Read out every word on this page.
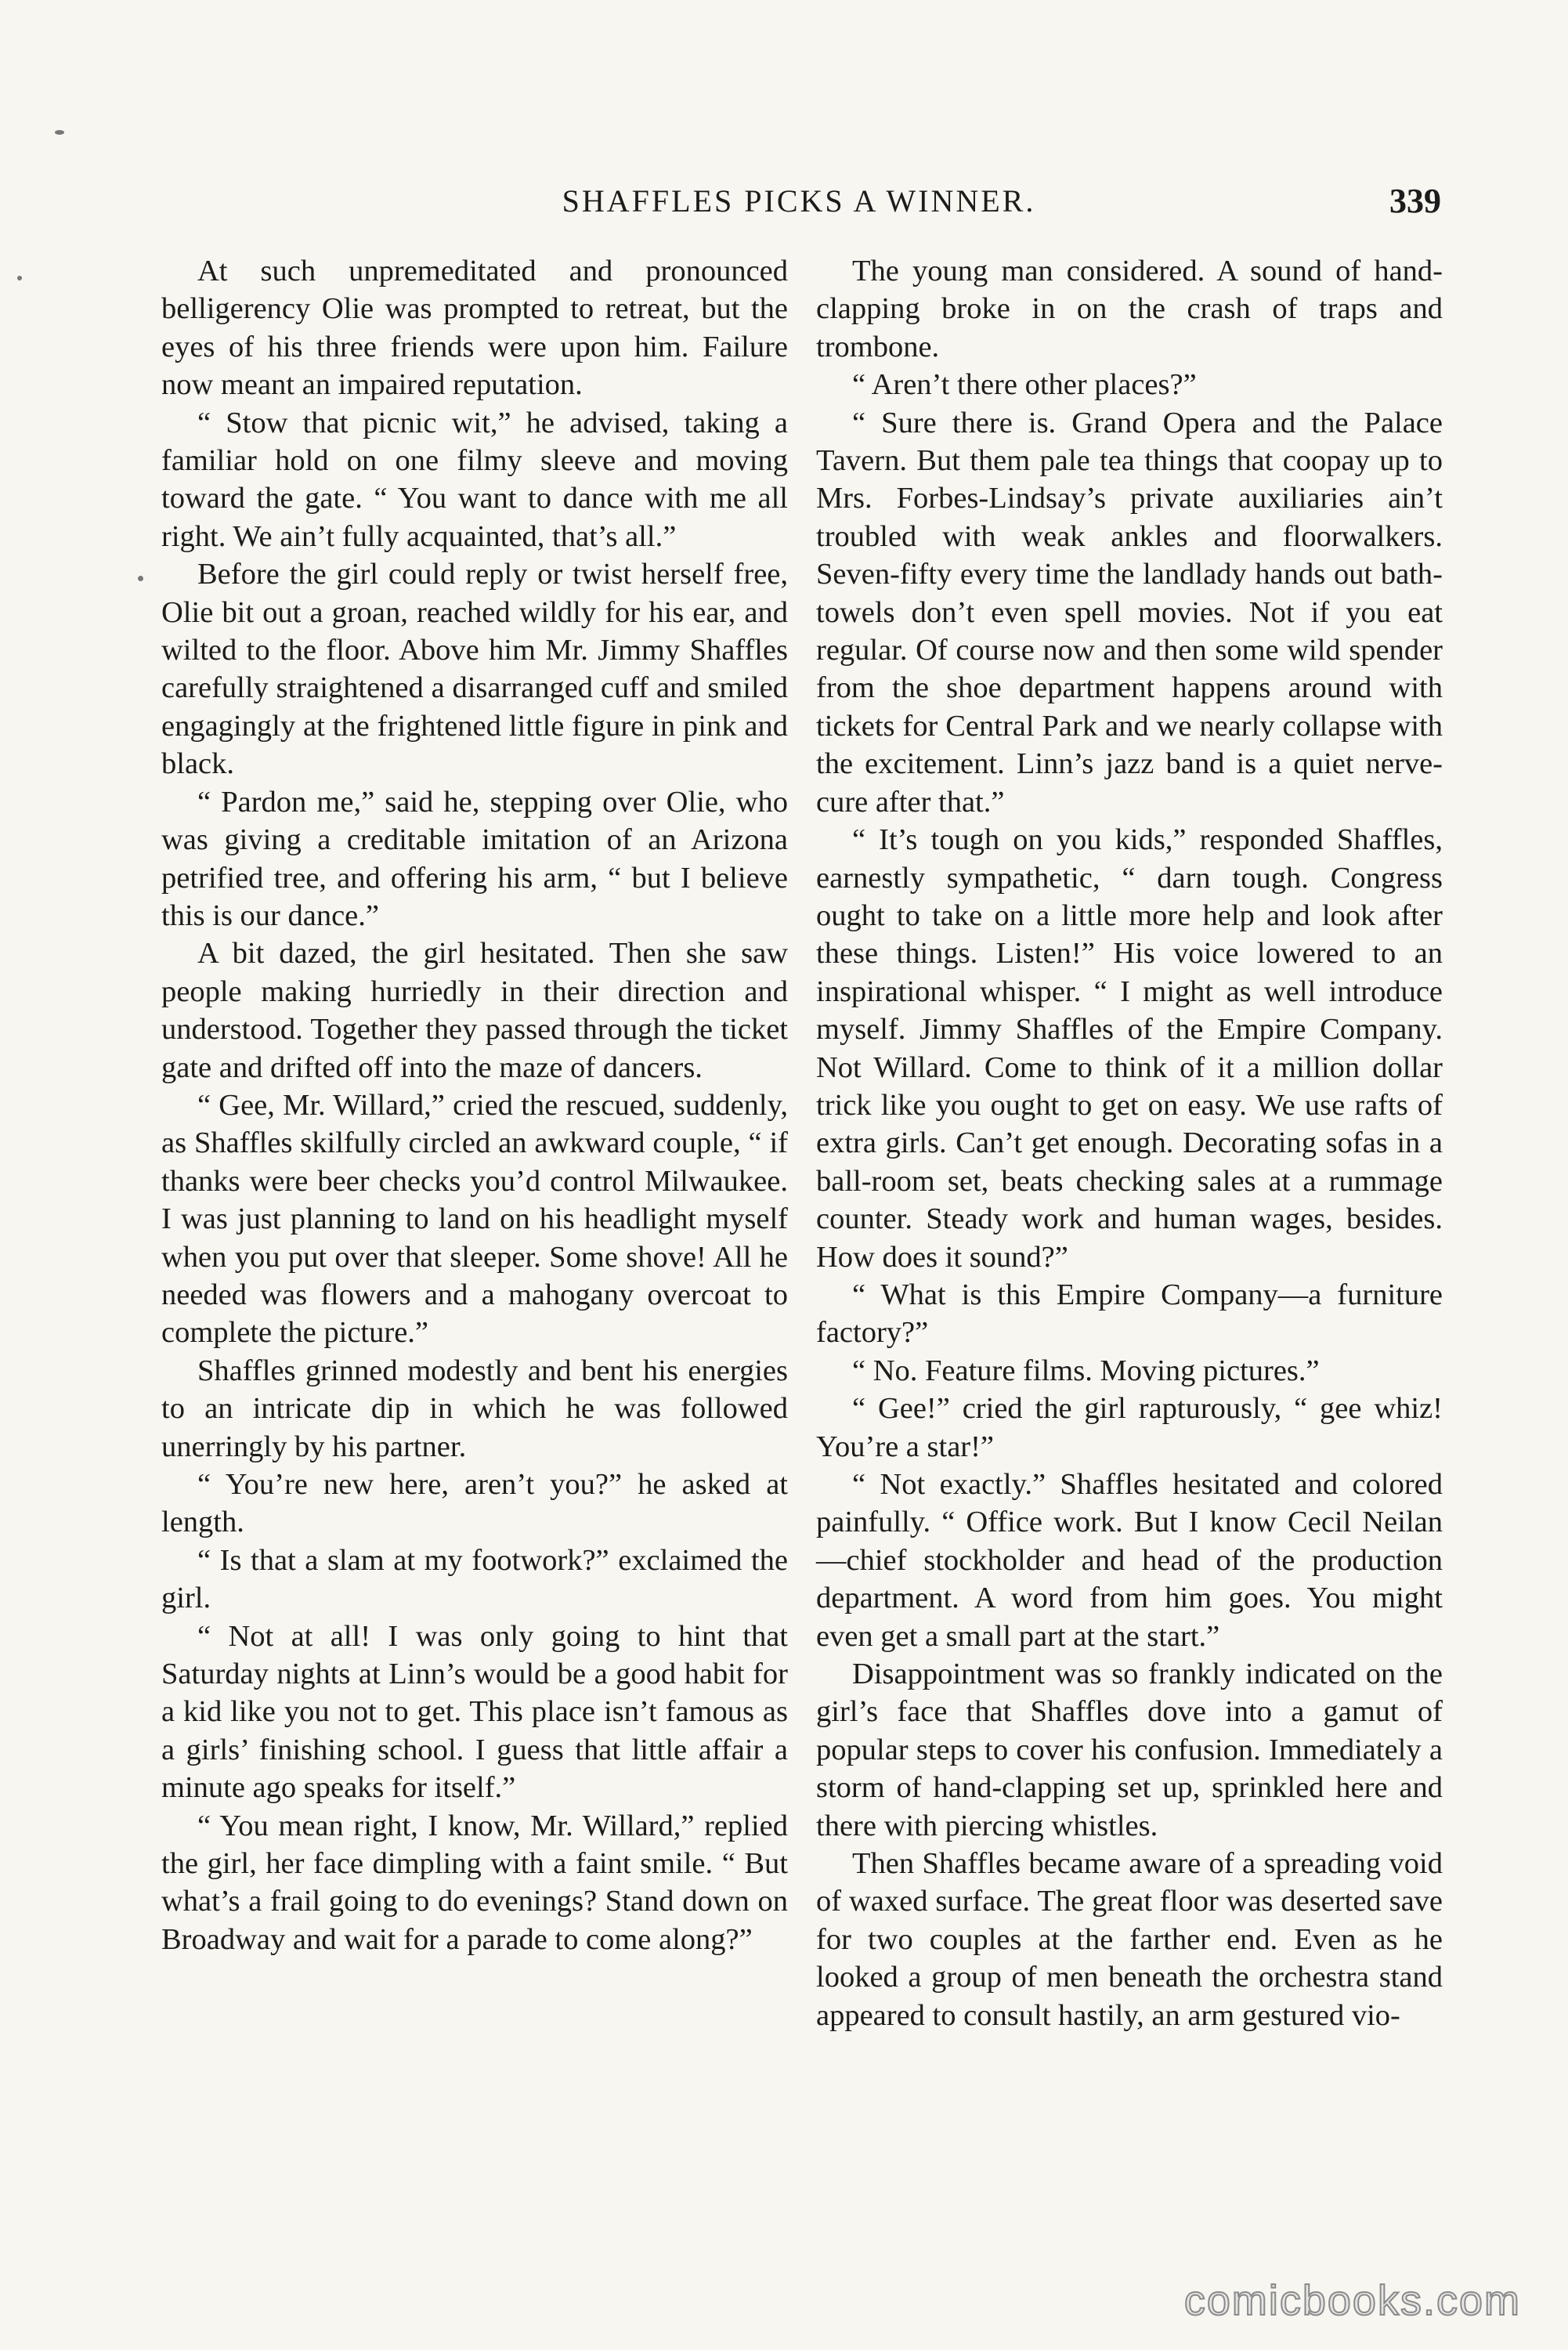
SHAFFLES PICKS A WINNER.	339

At such unpremeditated and pronounced belligerency Olie was prompted to retreat, but the eyes of his three friends were upon him. Failure now meant an impaired reputation.

“ Stow that picnic wit,” he advised, taking a familiar hold on one filmy sleeve and moving toward the gate. “ You want to dance with me all right. We ain’t fully acquainted, that’s all.”

Before the girl could reply or twist herself free, Olie bit out a groan, reached wildly for his ear, and wilted to the floor. Above him Mr. Jimmy Shaffles carefully straightened a disarranged cuff and smiled engagingly at the frightened little figure in pink and black.

“ Pardon me,” said he, stepping over Olie, who was giving a creditable imitation of an Arizona petrified tree, and offering his arm, “ but I believe this is our dance.”

A bit dazed, the girl hesitated. Then she saw people making hurriedly in their direction and understood. Together they passed through the ticket gate and drifted off into the maze of dancers.

“ Gee, Mr. Willard,” cried the rescued, suddenly, as Shaffles skilfully circled an awkward couple, “ if thanks were beer checks you’d control Milwaukee. I was just planning to land on his headlight myself when you put over that sleeper. Some shove! All he needed was flowers and a mahogany overcoat to complete the picture.”

Shaffles grinned modestly and bent his energies to an intricate dip in which he was followed unerringly by his partner.

“ You’re new here, aren’t you?” he asked at length.

“ Is that a slam at my footwork?” exclaimed the girl.

“ Not at all! I was only going to hint that Saturday nights at Linn’s would be a good habit for a kid like you not to get. This place isn’t famous as a girls’ finishing school. I guess that little affair a minute ago speaks for itself.”

“ You mean right, I know, Mr. Willard,” replied the girl, her face dimpling with a faint smile. “ But what’s a frail going to do evenings? Stand down on Broadway and wait for a parade to come along?”

The young man considered. A sound of hand-clapping broke in on the crash of traps and trombone.

“ Aren’t there other places?”

“ Sure there is. Grand Opera and the Palace Tavern. But them pale tea things that coopay up to Mrs. Forbes-Lindsay’s private auxiliaries ain’t troubled with weak ankles and floorwalkers. Seven-fifty every time the landlady hands out bath-towels don’t even spell movies. Not if you eat regular. Of course now and then some wild spender from the shoe department happens around with tickets for Central Park and we nearly collapse with the excitement. Linn’s jazz band is a quiet nerve-cure after that.”

“ It’s tough on you kids,” responded Shaffles, earnestly sympathetic, “ darn tough. Congress ought to take on a little more help and look after these things. Listen!” His voice lowered to an inspirational whisper. “ I might as well introduce myself. Jimmy Shaffles of the Empire Company. Not Willard. Come to think of it a million dollar trick like you ought to get on easy. We use rafts of extra girls. Can’t get enough. Decorating sofas in a ball-room set, beats checking sales at a rummage counter. Steady work and human wages, besides. How does it sound?”

“ What is this Empire Company—a furniture factory?”

“ No. Feature films. Moving pictures.”

“ Gee!” cried the girl rapturously, “ gee whiz! You’re a star!”

“ Not exactly.” Shaffles hesitated and colored painfully. “ Office work. But I know Cecil Neilan—chief stockholder and head of the production department. A word from him goes. You might even get a small part at the start.”

Disappointment was so frankly indicated on the girl’s face that Shaffles dove into a gamut of popular steps to cover his confusion. Immediately a storm of hand-clapping set up, sprinkled here and there with piercing whistles.

Then Shaffles became aware of a spreading void of waxed surface. The great floor was deserted save for two couples at the farther end. Even as he looked a group of men beneath the orchestra stand appeared to consult hastily, an arm gestured vio-

comicbooks.com
